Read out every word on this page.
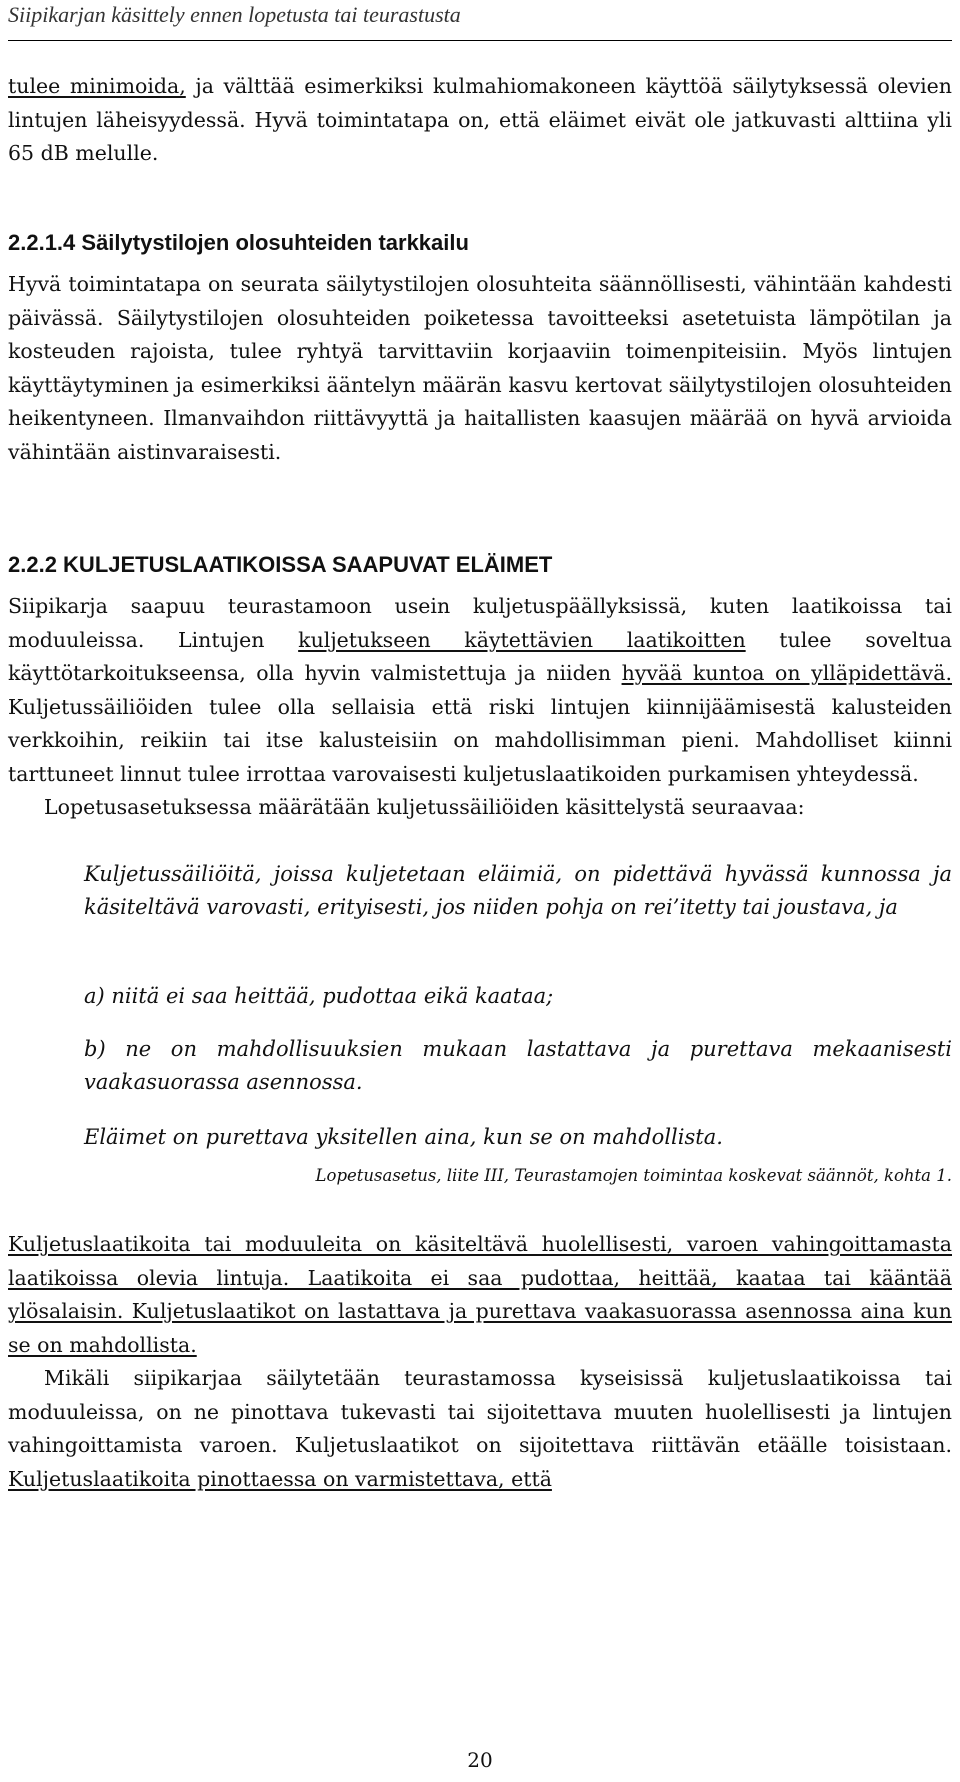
Siipikarjan käsittely ennen lopetusta tai teurastusta

tulee minimoida, ja välttää esimerkiksi kulmahiomakoneen käyttöä säilytyksessä olevien lintujen läheisyydessä. Hyvä toimintatapa on, että eläimet eivät ole jatkuvasti alttiina yli 65 dB melulle.

2.2.1.4 Säilytystilojen olosuhteiden tarkkailu

Hyvä toimintatapa on seurata säilytystilojen olosuhteita säännöllisesti, vähintään kahdesti päivässä. Säilytystilojen olosuhteiden poiketessa tavoitteeksi asetetuista lämpötilan ja kosteuden rajoista, tulee ryhtyä tarvittaviin korjaaviin toimenpiteisiin. Myös lintujen käyttäytyminen ja esimerkiksi ääntelyn määrän kasvu kertovat säilytystilojen olosuhteiden heikentyneen. Ilmanvaihdon riittävyyttä ja haitallisten kaasujen määrää on hyvä arvioida vähintään aistinvaraisesti.

2.2.2 KULJETUSLAATIKOISSA SAAPUVAT ELÄIMET

Siipikarja saapuu teurastamoon usein kuljetuspäällyksissä, kuten laatikoissa tai moduuleissa. Lintujen kuljetukseen käytettävien laatikoitten tulee soveltua käyttötarkoitukseensa, olla hyvin valmistettuja ja niiden hyvää kuntoa on ylläpidettävä. Kuljetussäiliöiden tulee olla sellaisia että riski lintujen kiinnijäämisestä kalusteiden verkkoihin, reikiin tai itse kalusteisiin on mahdollisimman pieni. Mahdolliset kiinni tarttuneet linnut tulee irrottaa varovaisesti kuljetuslaatikoiden purkamisen yhteydessä.

Lopetusasetuksessa määrätään kuljetussäiliöiden käsittelystä seuraavaa:

Kuljetussäiliöitä, joissa kuljetetaan eläimiä, on pidettävä hyvässä kunnossa ja käsiteltävä varovasti, erityisesti, jos niiden pohja on rei’itetty tai joustava, ja

a) niitä ei saa heittää, pudottaa eikä kaataa;

b) ne on mahdollisuuksien mukaan lastattava ja purettava mekaanisesti vaakasuorassa asennossa.

Eläimet on purettava yksitellen aina, kun se on mahdollista.

Lopetusasetus, liite III, Teurastamojen toimintaa koskevat säännöt, kohta 1.

Kuljetuslaatikoita tai moduuleita on käsiteltävä huolellisesti, varoen vahingoittamasta laatikoissa olevia lintuja. Laatikoita ei saa pudottaa, heittää, kaataa tai kääntää ylösalaisin. Kuljetuslaatikot on lastattava ja purettava vaakasuorassa asennossa aina kun se on mahdollista.

Mikäli siipikarjaa säilytetään teurastamossa kyseisissä kuljetuslaatikoissa tai moduuleissa, on ne pinottava tukevasti tai sijoitettava muuten huolellisesti ja lintujen vahingoittamista varoen. Kuljetuslaatikot on sijoitettava riittävän etäälle toisistaan. Kuljetuslaatikoita pinottaessa on varmistettava, että

20
